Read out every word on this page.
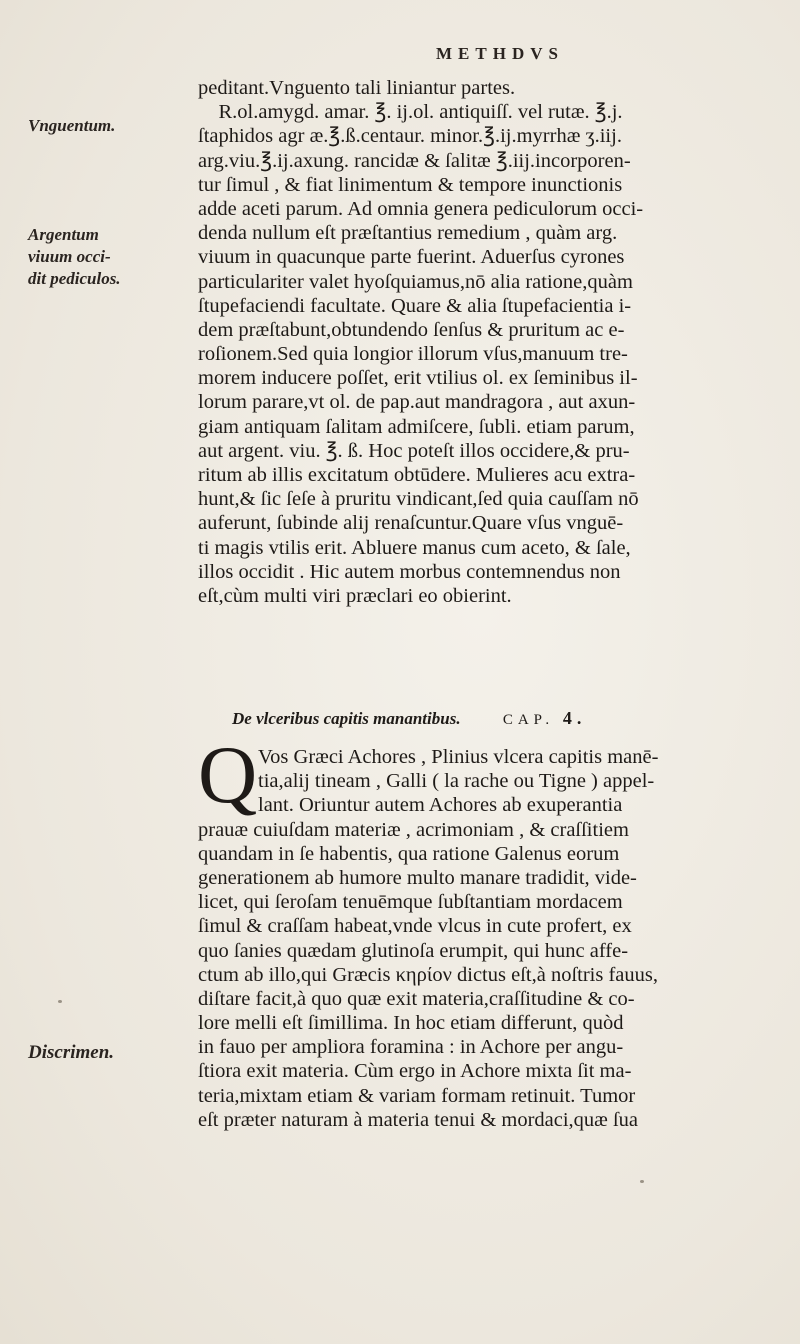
METHDVS
Vnguentum.
Argentum
viuum occi-
dit pediculos.
Discrimen.
peditant.Vnguento tali liniantur partes.
R.ol.amygd. amar. ℥. ij.ol. antiquiſſ. vel rutæ. ℥.j.
ſtaphidos agr æ.℥.ß.centaur. minor.℥.ij.myrrhæ ʒ.iij.
arg.viu.℥.ij.axung. rancidæ & ſalitæ ℥.iij.incorporen-
tur ſimul , & fiat linimentum & tempore inunctionis
adde aceti parum. Ad omnia genera pediculorum occi-
denda nullum eſt præſtantius remedium , quàm arg.
viuum in quacunque parte fuerint. Aduerſus cyrones
particulariter valet hyoſquiamus,nō alia ratione,quàm
ſtupefaciendi facultate. Quare & alia ſtupefacientia i-
dem præſtabunt,obtundendo ſenſus & pruritum ac e-
roſionem.Sed quia longior illorum vſus,manuum tre-
morem inducere poſſet, erit vtilius ol. ex ſeminibus il-
lorum parare,vt ol. de pap.aut mandragora , aut axun-
giam antiquam ſalitam admiſcere, ſubli. etiam parum,
aut argent. viu. ℥. ß. Hoc poteſt illos occidere,& pru-
ritum ab illis excitatum obtūdere. Mulieres acu extra-
hunt,& ſic ſeſe à pruritu vindicant,ſed quia cauſſam nō
auferunt, ſubinde alij renaſcuntur.Quare vſus vnguē-
ti magis vtilis erit. Abluere manus cum aceto, & ſale,
illos occidit . Hic autem morbus contemnendus non
eſt,cùm multi viri præclari eo obierint.
De vlceribus capitis manantibus.	CAP. 4.
Q Vos Græci Achores , Plinius vlcera capitis manē-
tia,alij tineam , Galli ( la rache ou Tigne ) appel-
lant. Oriuntur autem Achores ab exuperantia
prauæ cuiuſdam materiæ , acrimoniam , & craſſitiem
quandam in ſe habentis, qua ratione Galenus eorum
generationem ab humore multo manare tradidit, vide-
licet, qui ſeroſam tenuēmque ſubſtantiam mordacem
ſimul & craſſam habeat,vnde vlcus in cute profert, ex
quo ſanies quædam glutinoſa erumpit, qui hunc affe-
ctum ab illo,qui Græcis κηρίον dictus eſt,à noſtris fauus,
diſtare facit,à quo quæ exit materia,craſſitudine & co-
lore melli eſt ſimillima. In hoc etiam differunt, quòd
in fauo per ampliora foramina : in Achore per angu-
ſtiora exit materia. Cùm ergo in Achore mixta ſit ma-
teria,mixtam etiam & variam formam retinuit. Tumor
eſt præter naturam à materia tenui & mordaci,quæ ſua
